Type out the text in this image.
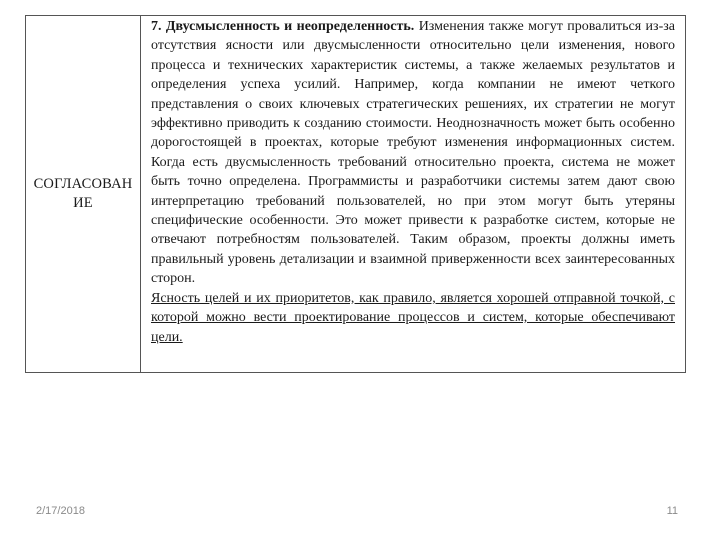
СОГЛАСОВАНИЕ

7. Двусмысленность и неопределенность. Изменения также могут провалиться из-за отсутствия ясности или двусмысленности относительно цели изменения, нового процесса и технических характеристик системы, а также желаемых результатов и определения успеха усилий. Например, когда компании не имеют четкого представления о своих ключевых стратегических решениях, их стратегии не могут эффективно приводить к созданию стоимости. Неоднозначность может быть особенно дорогостоящей в проектах, которые требуют изменения информационных систем. Когда есть двусмысленность требований относительно проекта, система не может быть точно определена. Программисты и разработчики системы затем дают свою интерпретацию требований пользователей, но при этом могут быть утеряны специфические особенности. Это может привести к разработке систем, которые не отвечают потребностям пользователей. Таким образом, проекты должны иметь правильный уровень детализации и взаимной приверженности всех заинтересованных сторон.

Ясность целей и их приоритетов, как правило, является хорошей отправной точкой, с которой можно вести проектирование процессов и систем, которые обеспечивают цели.

2/17/2018	11
